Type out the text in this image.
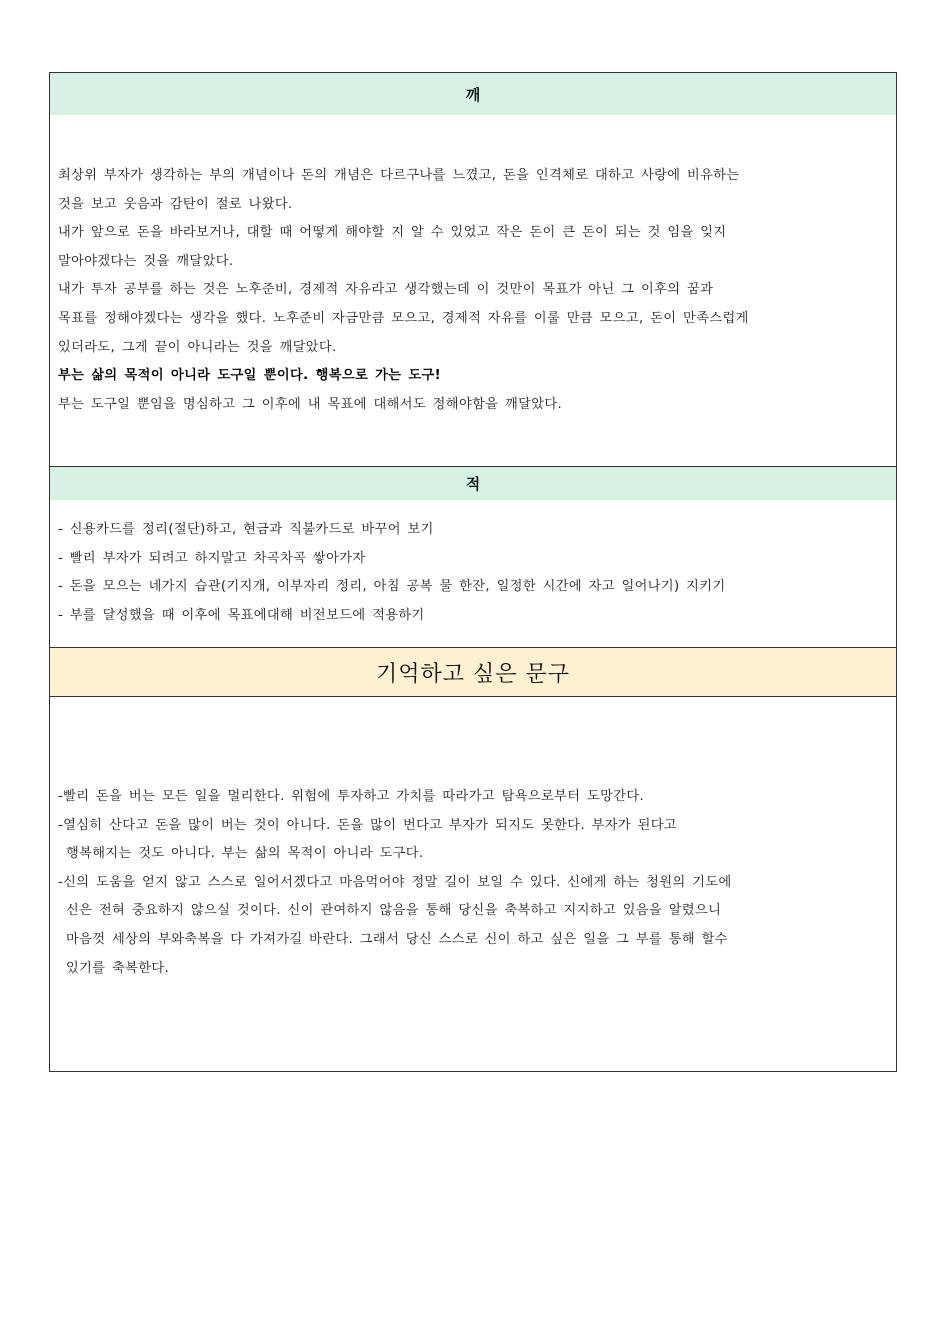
깨
최상위 부자가 생각하는 부의 개념이나 돈의 개념은 다르구나를 느꼈고, 돈을 인격체로 대하고 사랑에 비유하는
것을 보고 웃음과 감탄이 절로 나왔다.
내가 앞으로 돈을 바라보거나, 대할 때 어떻게 해야할 지 알 수 있었고 작은 돈이 큰 돈이 되는 것 임을 잊지
말아야겠다는 것을 깨달았다.
내가 투자 공부를 하는 것은 노후준비, 경제적 자유라고 생각했는데 이 것만이 목표가 아닌 그 이후의 꿈과
목표를 정해야겠다는 생각을 했다. 노후준비 자금만큼 모으고, 경제적 자유를 이룰 만큼 모으고, 돈이 만족스럽게
있더라도, 그게 끝이 아니라는 것을 깨달았다.
부는 삶의 목적이 아니라 도구일 뿐이다. 행복으로 가는 도구!
부는 도구일 뿐임을 명심하고 그 이후에 내 목표에 대해서도 정해야함을 깨달았다.
적
- 신용카드를 정리(절단)하고, 현금과 직불카드로 바꾸어 보기
- 빨리 부자가 되려고 하지말고 차곡차곡 쌓아가자
- 돈을 모으는 네가지 습관(기지개, 이부자리 정리, 아침 공복 물 한잔, 일정한 시간에 자고 일어나기) 지키기
- 부를 달성했을 때 이후에 목표에대해 비전보드에 적용하기
기억하고 싶은 문구
-빨리 돈을 버는 모든 일을 멀리한다. 위험에 투자하고 가치를 따라가고 탐욕으로부터 도망간다.
-열심히 산다고 돈을 많이 버는 것이 아니다. 돈을 많이 번다고 부자가 되지도 못한다. 부자가 된다고
행복해지는 것도 아니다. 부는 삶의 목적이 아니라 도구다.
-신의 도움을 얻지 않고 스스로 일어서겠다고 마음먹어야 정말 길이 보일 수 있다. 신에게 하는 청원의 기도에
신은 전혀 중요하지 않으실 것이다. 신이 관여하지 않음을 통해 당신을 축복하고 지지하고 있음을 알렸으니
마음껏 세상의 부와축복을 다 가져가길 바란다. 그래서 당신 스스로 신이 하고 싶은 일을 그 부를 통해 할수
있기를 축복한다.
